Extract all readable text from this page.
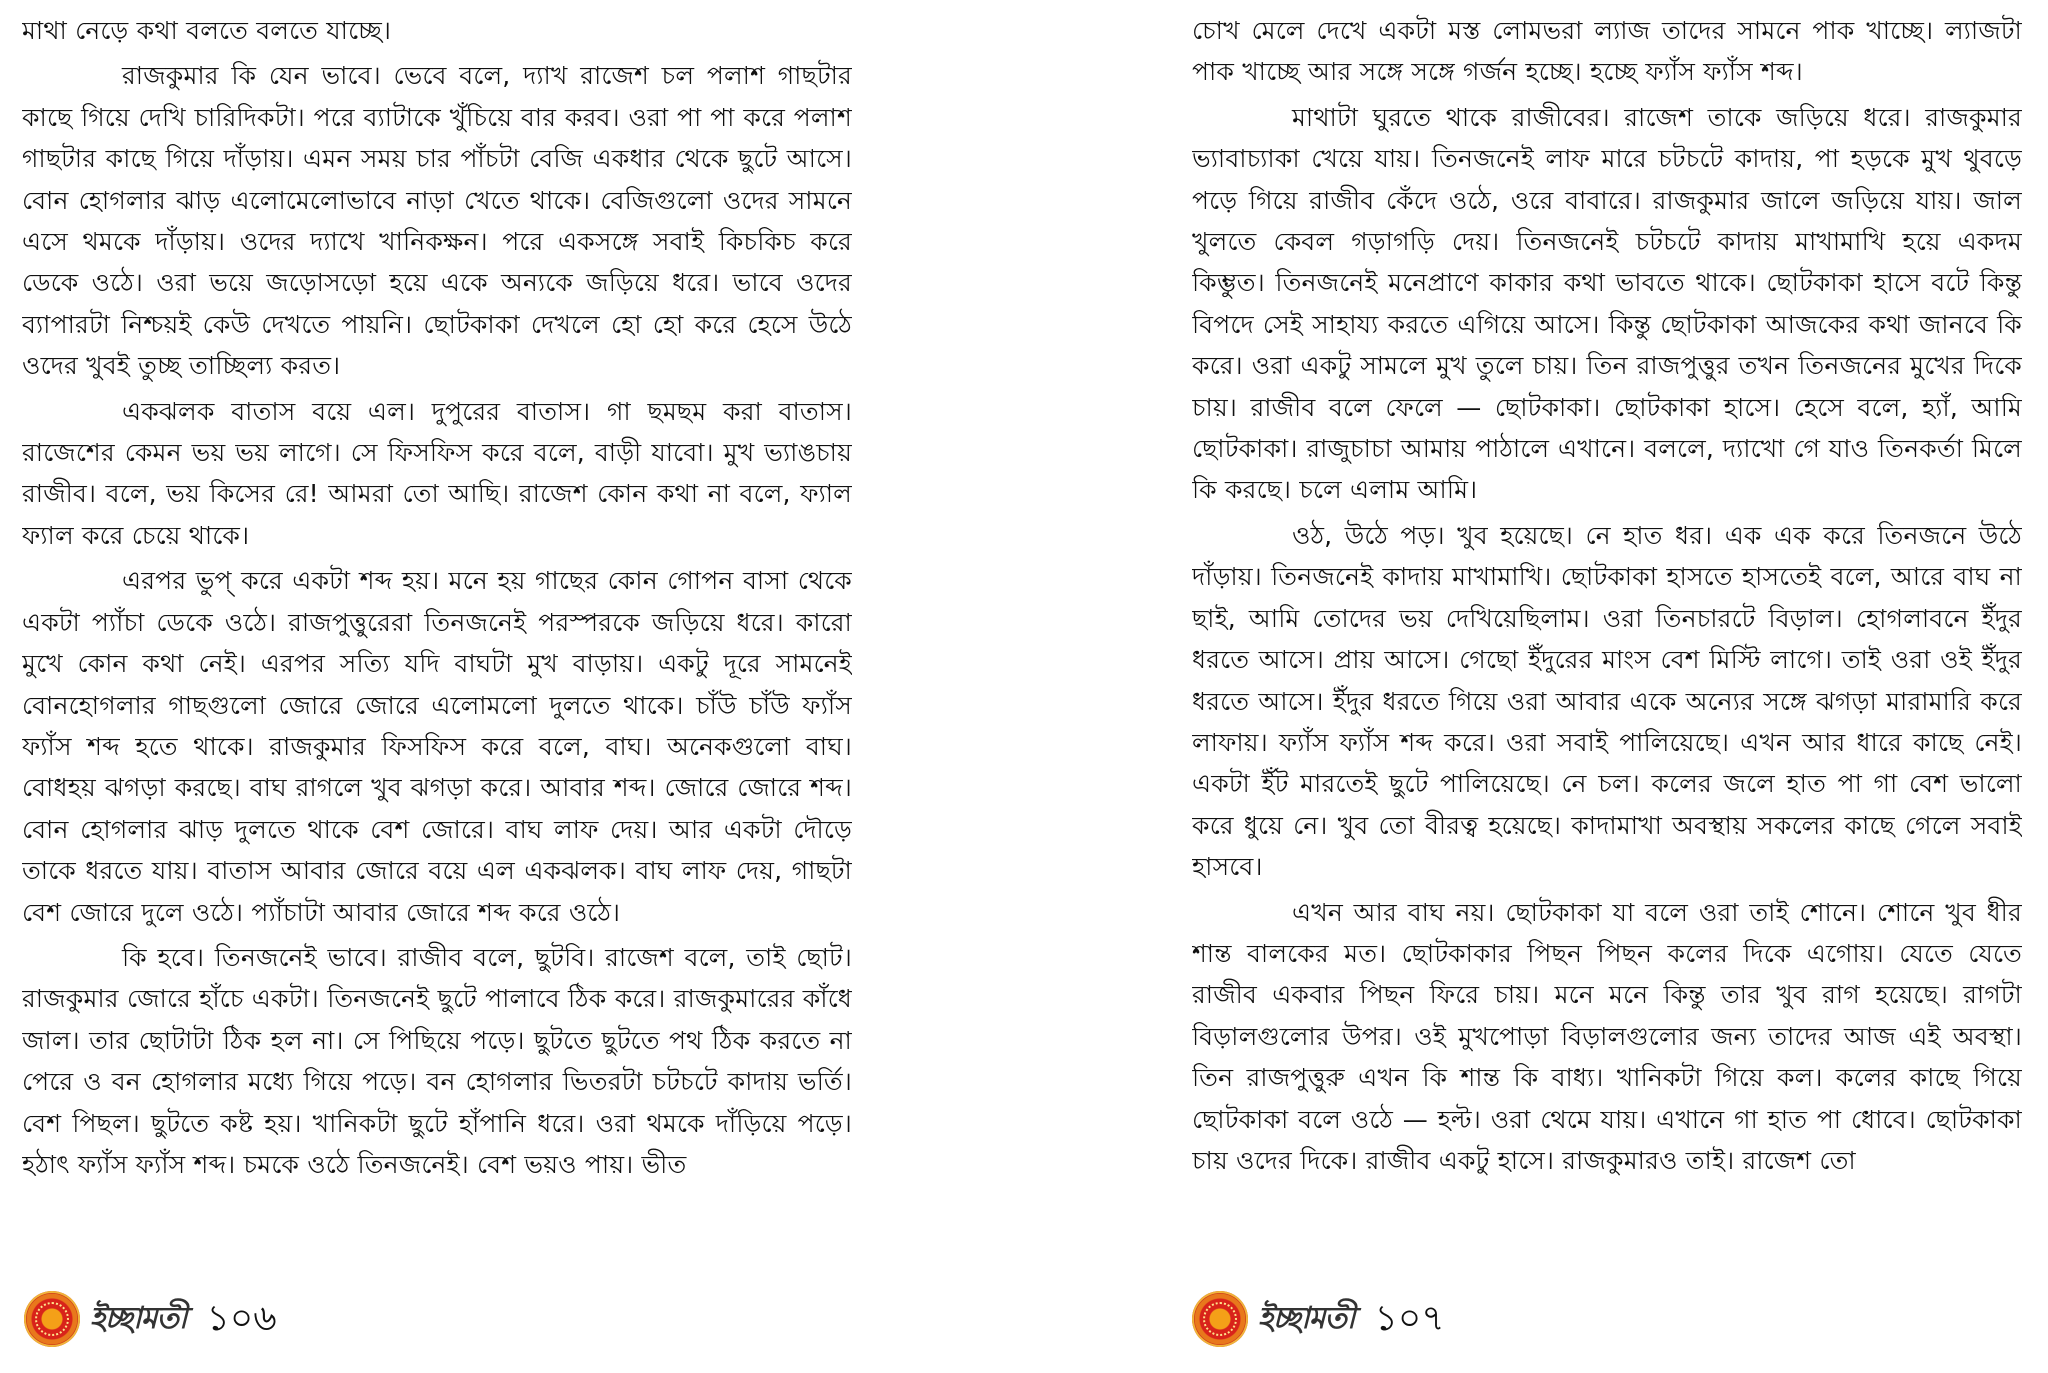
মাথা নেড়ে কথা বলতে বলতে যাচ্ছে।

রাজকুমার কি যেন ভাবে। ভেবে বলে, দ্যাখ রাজেশ চল পলাশ গাছটার কাছে গিয়ে দেখি চারিদিকটা। পরে ব্যাটাকে খুঁচিয়ে বার করব। ওরা পা পা করে পলাশ গাছটার কাছে গিয়ে দাঁড়ায়। এমন সময় চার পাঁচটা বেজি একধার থেকে ছুটে আসে। বোন হোগলার ঝাড় এলোমেলোভাবে নাড়া খেতে থাকে। বেজিগুলো ওদের সামনে এসে থমকে দাঁড়ায়। ওদের দ্যাখে খানিকক্ষন। পরে একসঙ্গে সবাই কিচকিচ করে ডেকে ওঠে। ওরা ভয়ে জড়োসড়ো হয়ে একে অন্যকে জড়িয়ে ধরে। ভাবে ওদের ব্যাপারটা নিশ্চয়ই কেউ দেখতে পায়নি। ছোটকাকা দেখলে হো হো করে হেসে উঠে ওদের খুবই তুচ্ছ তাচ্ছিল্য করত।

একঝলক বাতাস বয়ে এল। দুপুরের বাতাস। গা ছমছম করা বাতাস। রাজেশের কেমন ভয় ভয় লাগে। সে ফিসফিস করে বলে, বাড়ী যাবো। মুখ ভ্যাঙচায় রাজীব। বলে, ভয় কিসের রে! আমরা তো আছি। রাজেশ কোন কথা না বলে, ফ্যাল ফ্যাল করে চেয়ে থাকে।

এরপর ভুপ্ করে একটা শব্দ হয়। মনে হয় গাছের কোন গোপন বাসা থেকে একটা প্যাঁচা ডেকে ওঠে। রাজপুত্তুরেরা তিনজনেই পরস্পরকে জড়িয়ে ধরে। কারো মুখে কোন কথা নেই। এরপর সত্যি যদি বাঘটা মুখ বাড়ায়। একটু দূরে সামনেই বোনহোগলার গাছগুলো জোরে জোরে এলোমলো দুলতে থাকে। চাঁউ চাঁউ ফ্যাঁস ফ্যাঁস শব্দ হতে থাকে। রাজকুমার ফিসফিস করে বলে, বাঘ। অনেকগুলো বাঘ। বোধহয় ঝগড়া করছে। বাঘ রাগলে খুব ঝগড়া করে। আবার শব্দ। জোরে জোরে শব্দ। বোন হোগলার ঝাড় দুলতে থাকে বেশ জোরে। বাঘ লাফ দেয়। আর একটা দৌড়ে তাকে ধরতে যায়। বাতাস আবার জোরে বয়ে এল একঝলক। বাঘ লাফ দেয়, গাছটা বেশ জোরে দুলে ওঠে। প্যাঁচাটা আবার জোরে শব্দ করে ওঠে।

কি হবে। তিনজনেই ভাবে। রাজীব বলে, ছুটবি। রাজেশ বলে, তাই ছোট। রাজকুমার জোরে হাঁচে একটা। তিনজনেই ছুটে পালাবে ঠিক করে। রাজকুমারের কাঁধে জাল। তার ছোটাটা ঠিক হল না। সে পিছিয়ে পড়ে। ছুটতে ছুটতে পথ ঠিক করতে না পেরে ও বন হোগলার মধ্যে গিয়ে পড়ে। বন হোগলার ভিতরটা চটচটে কাদায় ভর্তি। বেশ পিছল। ছুটতে কষ্ট হয়। খানিকটা ছুটে হাঁপানি ধরে। ওরা থমকে দাঁড়িয়ে পড়ে। হঠাৎ ফ্যাঁস ফ্যাঁস শব্দ। চমকে ওঠে তিনজনেই। বেশ ভয়ও পায়। ভীত

ইচ্ছামতী ১০৬

চোখ মেলে দেখে একটা মস্ত লোমভরা ল্যাজ তাদের সামনে পাক খাচ্ছে। ল্যাজটা পাক খাচ্ছে আর সঙ্গে সঙ্গে গর্জন হচ্ছে। হচ্ছে ফ্যাঁস ফ্যাঁস শব্দ।

মাথাটা ঘুরতে থাকে রাজীবের। রাজেশ তাকে জড়িয়ে ধরে। রাজকুমার ভ্যাবাচ্যাকা খেয়ে যায়। তিনজনেই লাফ মারে চটচটে কাদায়, পা হড়কে মুখ থুবড়ে পড়ে গিয়ে রাজীব কেঁদে ওঠে, ওরে বাবারে। রাজকুমার জালে জড়িয়ে যায়। জাল খুলতে কেবল গড়াগড়ি দেয়। তিনজনেই চটচটে কাদায় মাখামাখি হয়ে একদম কিম্ভুত। তিনজনেই মনেপ্রাণে কাকার কথা ভাবতে থাকে। ছোটকাকা হাসে বটে কিন্তু বিপদে সেই সাহায্য করতে এগিয়ে আসে। কিন্তু ছোটকাকা আজকের কথা জানবে কি করে। ওরা একটু সামলে মুখ তুলে চায়। তিন রাজপুত্তুর তখন তিনজনের মুখের দিকে চায়। রাজীব বলে ফেলে — ছোটকাকা। ছোটকাকা হাসে। হেসে বলে, হ্যাঁ, আমি ছোটকাকা। রাজুচাচা আমায় পাঠালে এখানে। বললে, দ্যাখো গে যাও তিনকর্তা মিলে কি করছে। চলে এলাম আমি।

ওঠ, উঠে পড়। খুব হয়েছে। নে হাত ধর। এক এক করে তিনজনে উঠে দাঁড়ায়। তিনজনেই কাদায় মাখামাখি। ছোটকাকা হাসতে হাসতেই বলে, আরে বাঘ না ছাই, আমি তোদের ভয় দেখিয়েছিলাম। ওরা তিনচারটে বিড়াল। হোগলাবনে ইঁদুর ধরতে আসে। প্রায় আসে। গেছো ইঁদুরের মাংস বেশ মিস্টি লাগে। তাই ওরা ওই ইঁদুর ধরতে আসে। ইঁদুর ধরতে গিয়ে ওরা আবার একে অন্যের সঙ্গে ঝগড়া মারামারি করে লাফায়। ফ্যাঁস ফ্যাঁস শব্দ করে। ওরা সবাই পালিয়েছে। এখন আর ধারে কাছে নেই। একটা ইঁট মারতেই ছুটে পালিয়েছে। নে চল। কলের জলে হাত পা গা বেশ ভালো করে ধুয়ে নে। খুব তো বীরত্ব হয়েছে। কাদামাখা অবস্থায় সকলের কাছে গেলে সবাই হাসবে।

এখন আর বাঘ নয়। ছোটকাকা যা বলে ওরা তাই শোনে। শোনে খুব ধীর শান্ত বালকের মত। ছোটকাকার পিছন পিছন কলের দিকে এগোয়। যেতে যেতে রাজীব একবার পিছন ফিরে চায়। মনে মনে কিন্তু তার খুব রাগ হয়েছে। রাগটা বিড়ালগুলোর উপর। ওই মুখপোড়া বিড়ালগুলোর জন্য তাদের আজ এই অবস্থা। তিন রাজপুত্তুরু এখন কি শান্ত কি বাধ্য। খানিকটা গিয়ে কল। কলের কাছে গিয়ে ছোটকাকা বলে ওঠে — হল্ট। ওরা থেমে যায়। এখানে গা হাত পা ধোবে। ছোটকাকা চায় ওদের দিকে। রাজীব একটু হাসে। রাজকুমারও তাই। রাজেশ তো

ইচ্ছামতী ১০৭
